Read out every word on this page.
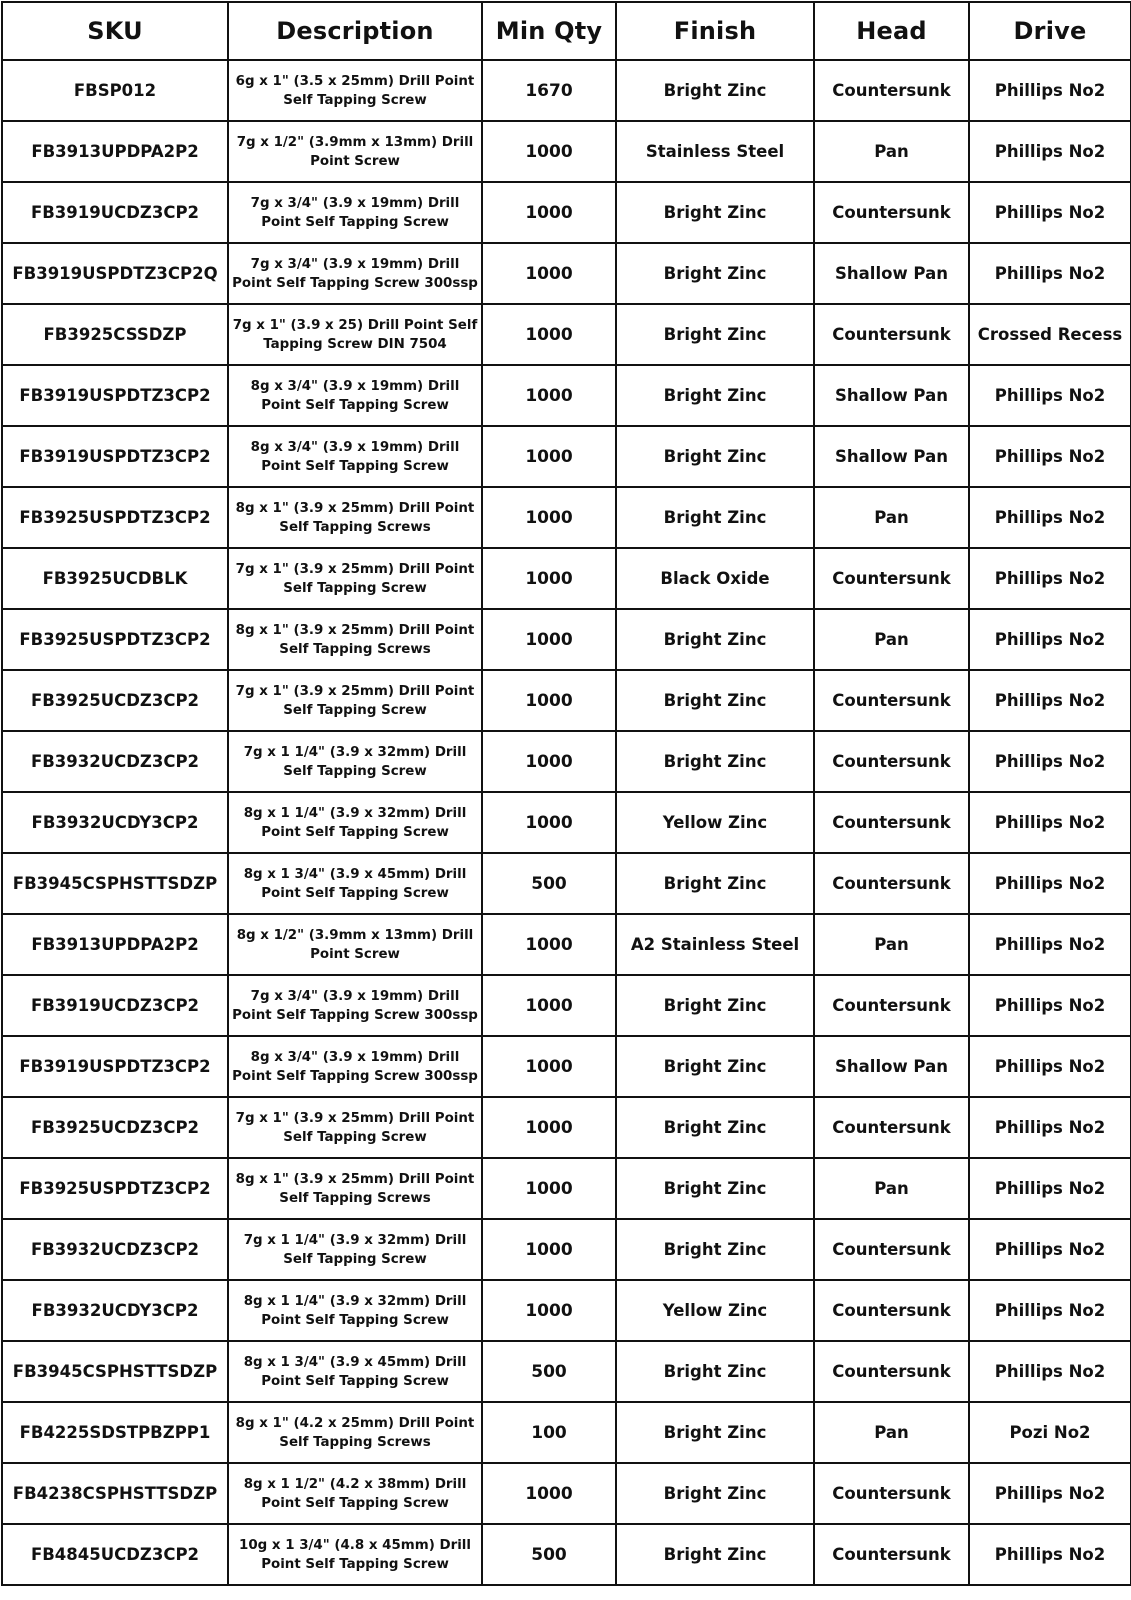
SKU	Description	Min Qty	Finish	Head	Drive
FBSP012	6g x 1" (3.5 x 25mm) Drill Point Self Tapping Screw	1670	Bright Zinc	Countersunk	Phillips No2
FB3913UPDPA2P2	7g x 1/2" (3.9mm x 13mm) Drill Point Screw	1000	Stainless Steel	Pan	Phillips No2
FB3919UCDZ3CP2	7g x 3/4" (3.9 x 19mm) Drill Point Self Tapping Screw	1000	Bright Zinc	Countersunk	Phillips No2
FB3919USPDTZ3CP2Q	7g x 3/4" (3.9 x 19mm) Drill Point Self Tapping Screw 300ssp	1000	Bright Zinc	Shallow Pan	Phillips No2
FB3925CSSDZP	7g x 1" (3.9 x 25) Drill Point Self Tapping Screw DIN 7504	1000	Bright Zinc	Countersunk	Crossed Recess
FB3919USPDTZ3CP2	8g x 3/4" (3.9 x 19mm) Drill Point Self Tapping Screw	1000	Bright Zinc	Shallow Pan	Phillips No2
FB3919USPDTZ3CP2	8g x 3/4" (3.9 x 19mm) Drill Point Self Tapping Screw	1000	Bright Zinc	Shallow Pan	Phillips No2
FB3925USPDTZ3CP2	8g x 1" (3.9 x 25mm) Drill Point Self Tapping Screws	1000	Bright Zinc	Pan	Phillips No2
FB3925UCDBLK	7g x 1" (3.9 x 25mm) Drill Point Self Tapping Screw	1000	Black Oxide	Countersunk	Phillips No2
FB3925USPDTZ3CP2	8g x 1" (3.9 x 25mm) Drill Point Self Tapping Screws	1000	Bright Zinc	Pan	Phillips No2
FB3925UCDZ3CP2	7g x 1" (3.9 x 25mm) Drill Point Self Tapping Screw	1000	Bright Zinc	Countersunk	Phillips No2
FB3932UCDZ3CP2	7g x 1 1/4" (3.9 x 32mm) Drill Self Tapping Screw	1000	Bright Zinc	Countersunk	Phillips No2
FB3932UCDY3CP2	8g x 1 1/4" (3.9 x 32mm) Drill Point Self Tapping Screw	1000	Yellow Zinc	Countersunk	Phillips No2
FB3945CSPHSTTSDZP	8g x 1 3/4" (3.9 x 45mm) Drill Point Self Tapping Screw	500	Bright Zinc	Countersunk	Phillips No2
FB3913UPDPA2P2	8g x 1/2" (3.9mm x 13mm) Drill Point Screw	1000	A2 Stainless Steel	Pan	Phillips No2
FB3919UCDZ3CP2	7g x 3/4" (3.9 x 19mm) Drill Point Self Tapping Screw 300ssp	1000	Bright Zinc	Countersunk	Phillips No2
FB3919USPDTZ3CP2	8g x 3/4" (3.9 x 19mm) Drill Point Self Tapping Screw 300ssp	1000	Bright Zinc	Shallow Pan	Phillips No2
FB3925UCDZ3CP2	7g x 1" (3.9 x 25mm) Drill Point Self Tapping Screw	1000	Bright Zinc	Countersunk	Phillips No2
FB3925USPDTZ3CP2	8g x 1" (3.9 x 25mm) Drill Point Self Tapping Screws	1000	Bright Zinc	Pan	Phillips No2
FB3932UCDZ3CP2	7g x 1 1/4" (3.9 x 32mm) Drill Self Tapping Screw	1000	Bright Zinc	Countersunk	Phillips No2
FB3932UCDY3CP2	8g x 1 1/4" (3.9 x 32mm) Drill Point Self Tapping Screw	1000	Yellow Zinc	Countersunk	Phillips No2
FB3945CSPHSTTSDZP	8g x 1 3/4" (3.9 x 45mm) Drill Point Self Tapping Screw	500	Bright Zinc	Countersunk	Phillips No2
FB4225SDSTPBZPP1	8g x 1" (4.2 x 25mm) Drill Point Self Tapping Screws	100	Bright Zinc	Pan	Pozi No2
FB4238CSPHSTTSDZP	8g x 1 1/2" (4.2 x 38mm) Drill Point Self Tapping Screw	1000	Bright Zinc	Countersunk	Phillips No2
FB4845UCDZ3CP2	10g x 1 3/4" (4.8 x 45mm) Drill Point Self Tapping Screw	500	Bright Zinc	Countersunk	Phillips No2
